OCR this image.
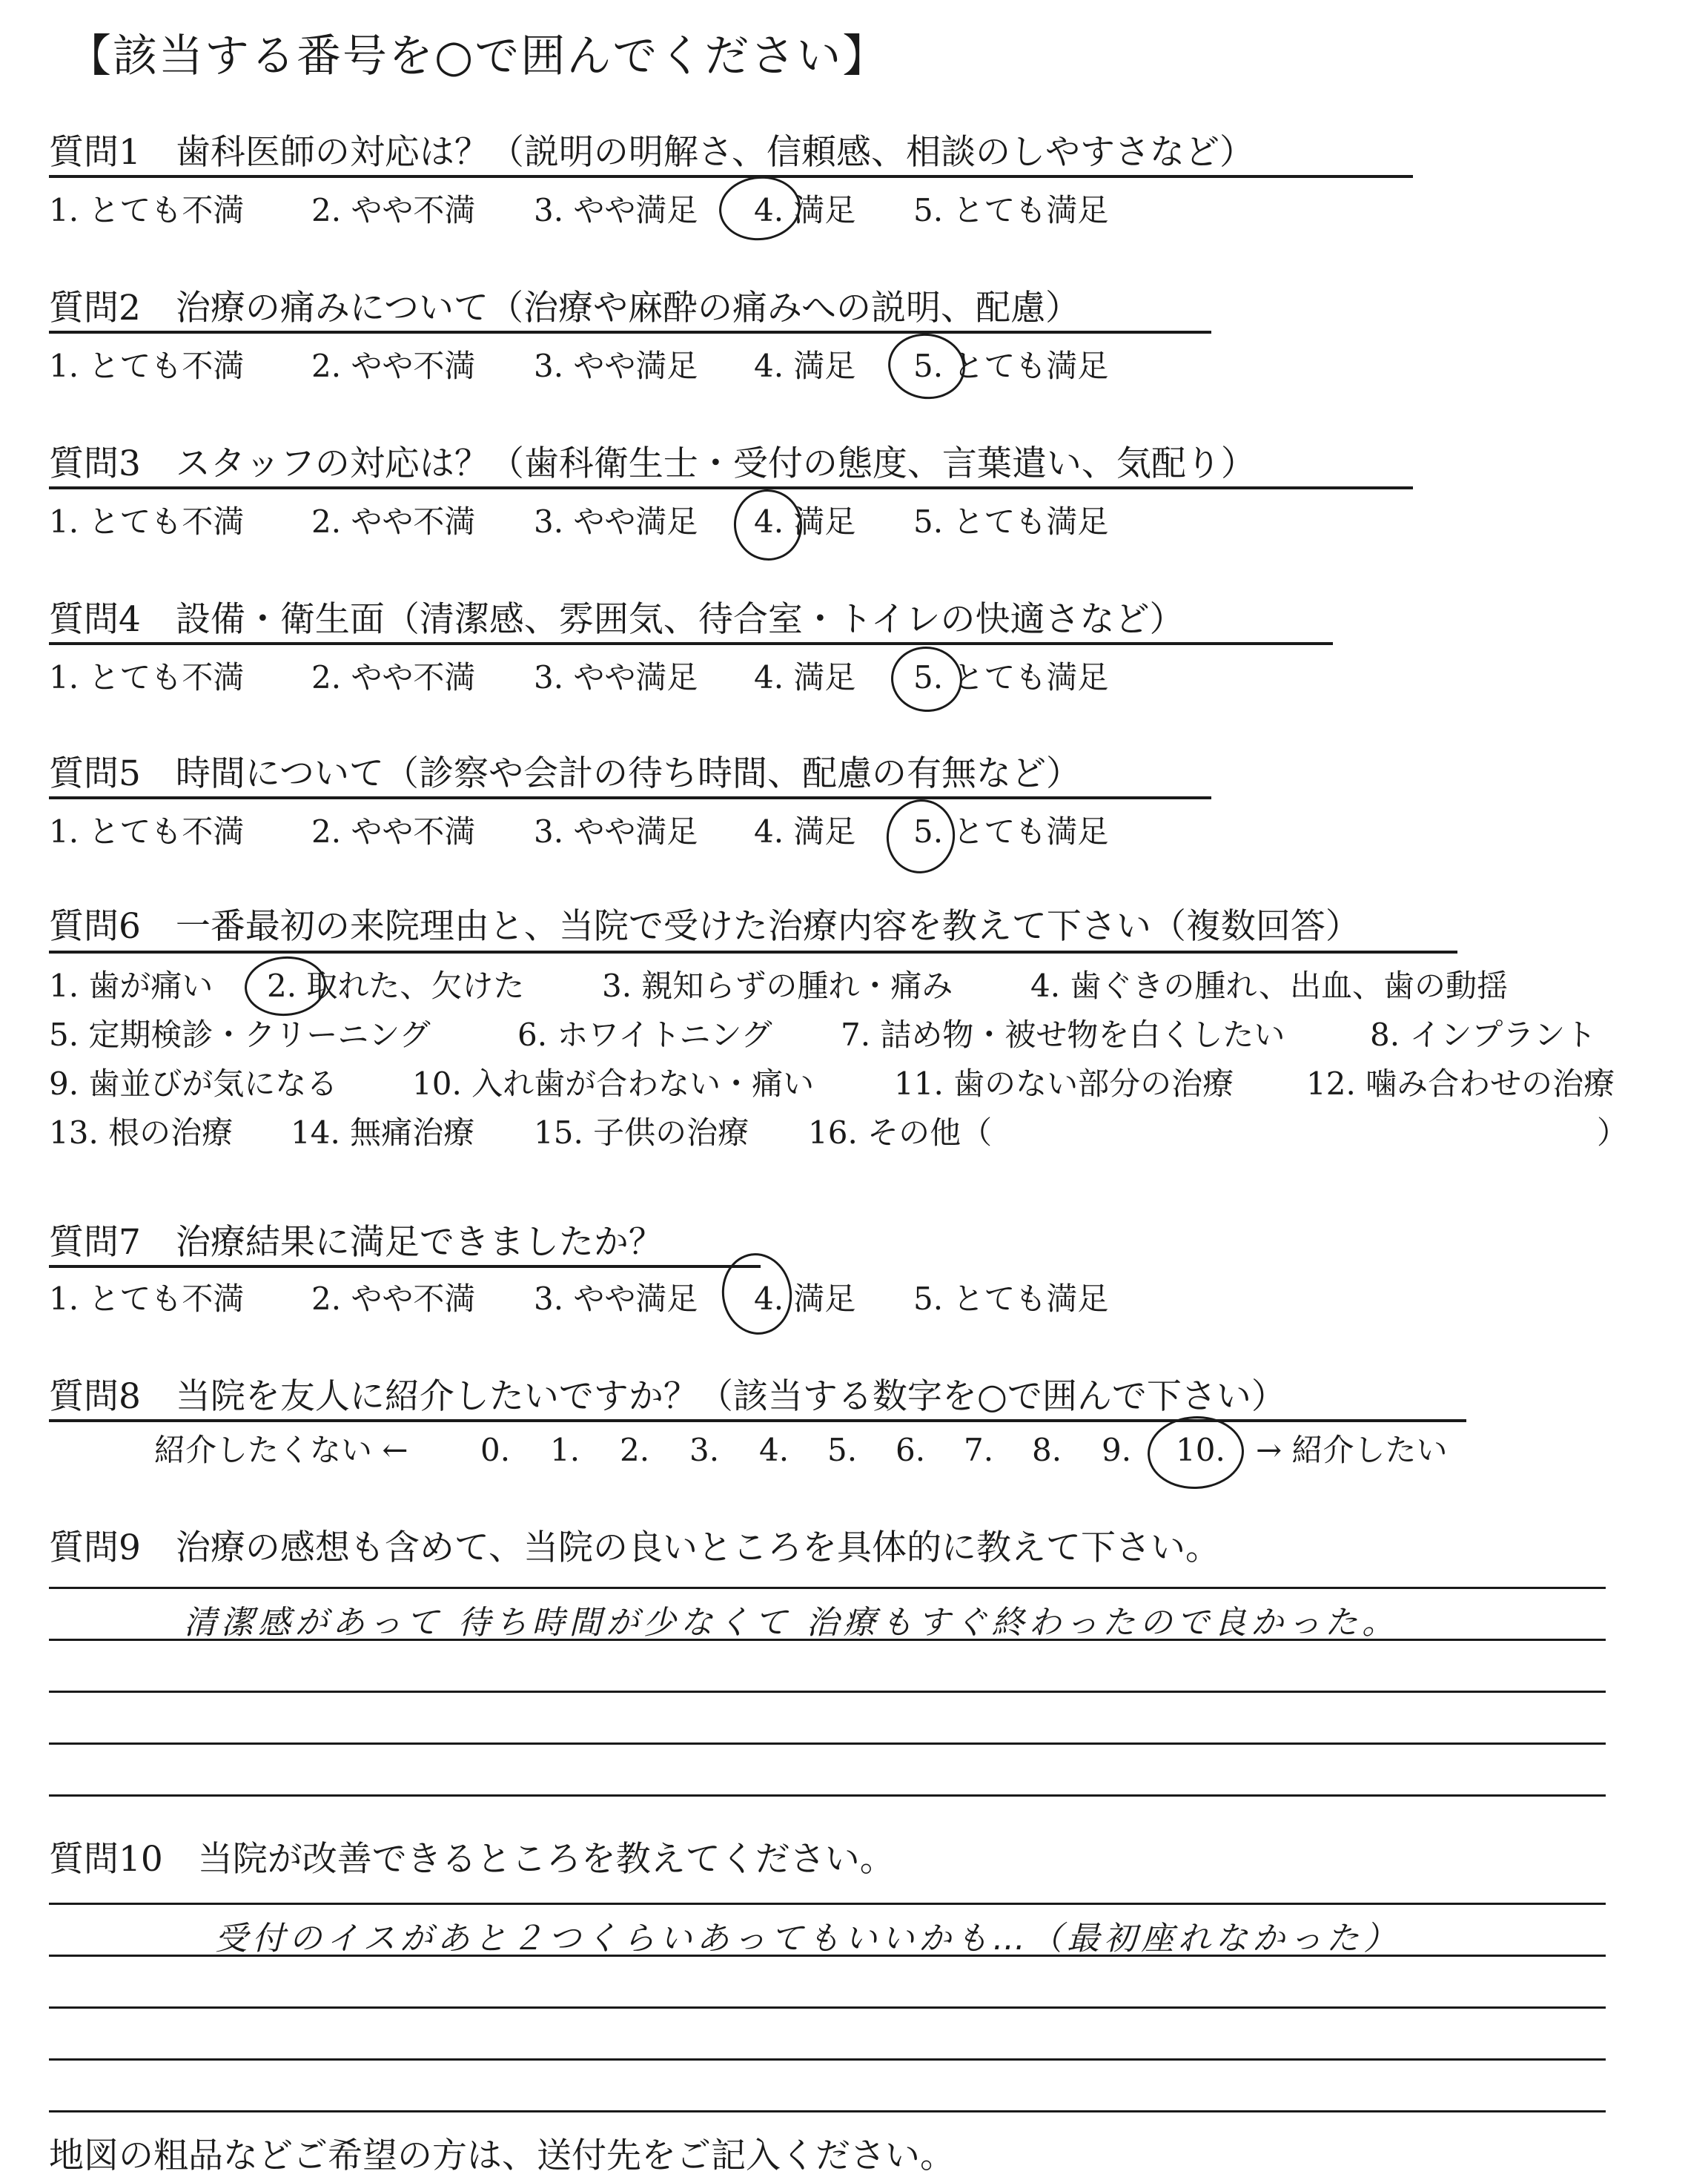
【該当する番号を○で囲んでください】
質問1　歯科医師の対応は？（説明の明解さ、信頼感、相談のしやすさなど）
1. とても不満 2. やや不満 3. やや満足 4. 満足 5. とても満足
質問2　治療の痛みについて（治療や麻酔の痛みへの説明、配慮）
1. とても不満 2. やや不満 3. やや満足 4. 満足 5. とても満足
質問3　スタッフの対応は？（歯科衛生士・受付の態度、言葉遣い、気配り）
1. とても不満 2. やや不満 3. やや満足 4. 満足 5. とても満足
質問4　設備・衛生面（清潔感、雰囲気、待合室・トイレの快適さなど）
1. とても不満 2. やや不満 3. やや満足 4. 満足 5. とても満足
質問5　時間について（診察や会計の待ち時間、配慮の有無など）
1. とても不満 2. やや不満 3. やや満足 4. 満足 5. とても満足
質問6　一番最初の来院理由と、当院で受けた治療内容を教えて下さい（複数回答）
1. 歯が痛い 2. 取れた、欠けた 3. 親知らずの腫れ・痛み 4. 歯ぐきの腫れ、出血、歯の動揺
5. 定期検診・クリーニング	6. ホワイトニング 7. 詰め物・被せ物を白くしたい	8. インプラント
9. 歯並びが気になる 10. 入れ歯が合わない・痛い	11. 歯のない部分の治療 12. 噛み合わせの治療
13. 根の治療 14. 無痛治療 15. 子供の治療 16. その他（	）
質問7　治療結果に満足できましたか？
1. とても不満 2. やや不満 3. やや満足 4. 満足 5. とても満足
質問8　当院を友人に紹介したいですか？（該当する数字を○で囲んで下さい）
紹介したくない ← 0. 1. 2. 3. 4. 5. 6. 7. 8. 9. 10. → 紹介したい
質問9　治療の感想も含めて、当院の良いところを具体的に教えて下さい。
清潔感があって 待ち時間が少なくて 治療もすぐ終わったので良かった。
質問10　当院が改善できるところを教えてください。
受付のイスがあと２つくらいあってもいいかも…（最初座れなかった）
地図の粗品などご希望の方は、送付先をご記入ください。
